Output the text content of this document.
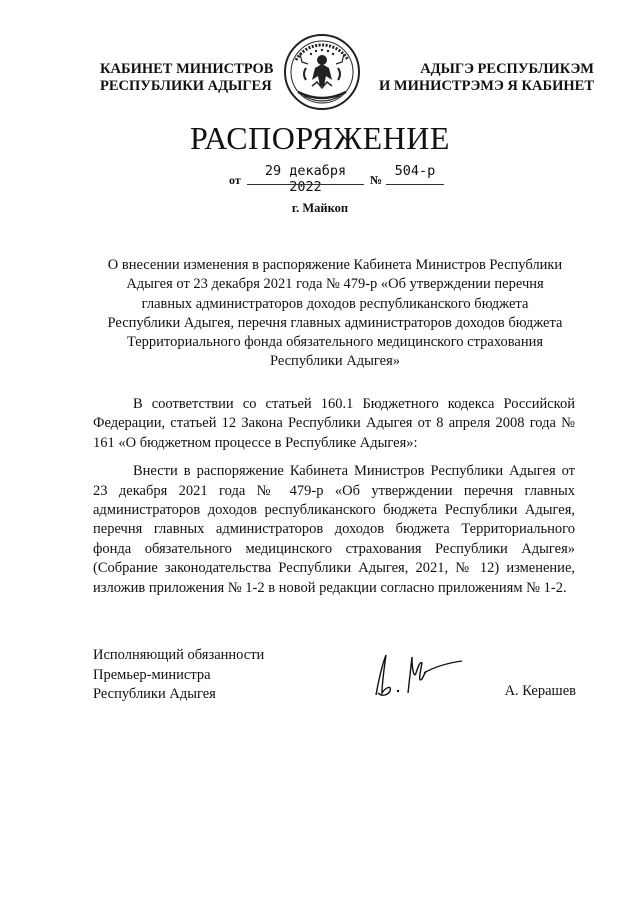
КАБИНЕТ МИНИСТРОВ
РЕСПУБЛИКИ АДЫГЕЯ
АДЫГЭ РЕСПУБЛИКЭМ
И МИНИСТРЭМЭ Я КАБИНЕТ
РАСПОРЯЖЕНИЕ
от
29 декабря 2022	№
504-р
г. Майкоп
О внесении изменения в распоряжение Кабинета Министров Республики
Адыгея от 23 декабря 2021 года № 479-р «Об утверждении перечня
главных администраторов доходов республиканского бюджета
Республики Адыгея, перечня главных администраторов доходов бюджета
Территориального фонда обязательного медицинского страхования
Республики Адыгея»

В соответствии со статьей 160.1 Бюджетного кодекса Российской Федерации, статьей 12 Закона Республики Адыгея от 8 апреля 2008 года № 161 «О бюджетном процессе в Республике Адыгея»:

Внести в распоряжение Кабинета Министров Республики Адыгея от 23 декабря 2021 года № 479-р «Об утверждении перечня главных администраторов доходов республиканского бюджета Республики Адыгея, перечня главных администраторов доходов бюджета Территориального фонда обязательного медицинского страхования Республики Адыгея» (Собрание законодательства Республики Адыгея, 2021, № 12) изменение, изложив приложения № 1-2 в новой редакции согласно приложениям № 1-2.

Исполняющий обязанности
Премьер-министра
Республики Адыгея	А. Керашев
